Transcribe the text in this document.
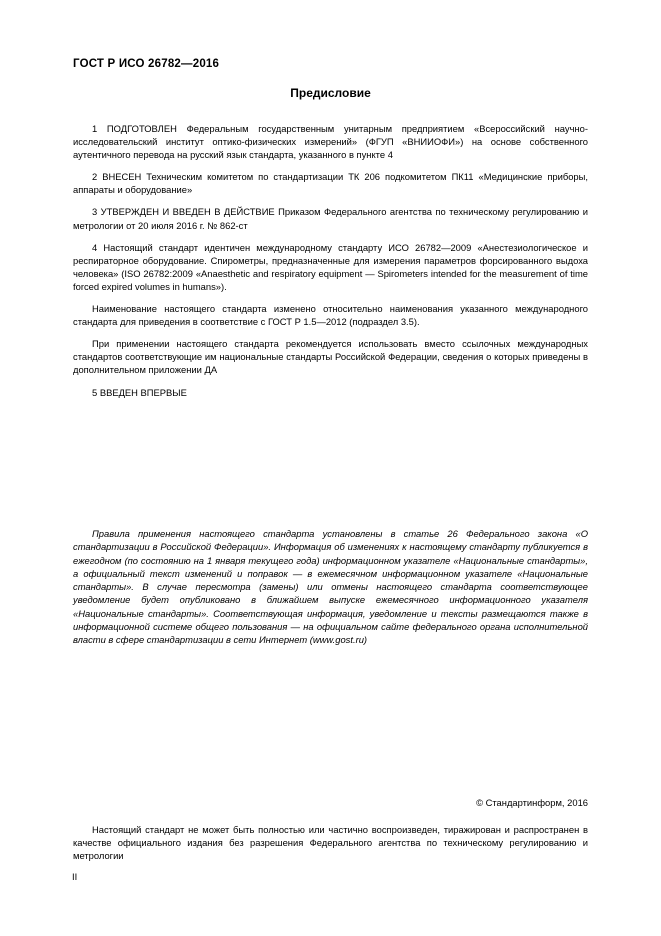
ГОСТ Р ИСО 26782—2016
Предисловие

1 ПОДГОТОВЛЕН Федеральным государственным унитарным предприятием «Всероссийский научно-исследовательский институт оптико-физических измерений» (ФГУП «ВНИИОФИ») на основе собственного аутентичного перевода на русский язык стандарта, указанного в пункте 4

2 ВНЕСЕН Техническим комитетом по стандартизации ТК 206 подкомитетом ПК11 «Медицинские приборы, аппараты и оборудование»

3 УТВЕРЖДЕН И ВВЕДЕН В ДЕЙСТВИЕ Приказом Федерального агентства по техническому регулированию и метрологии от 20 июля 2016 г. № 862-ст

4 Настоящий стандарт идентичен международному стандарту ИСО 26782—2009 «Анестезиологическое и респираторное оборудование. Спирометры, предназначенные для измерения параметров форсированного выдоха человека» (ISO 26782:2009 «Anaesthetic and respiratory equipment — Spirometers intended for the measurement of time forced expired volumes in humans»).

Наименование настоящего стандарта изменено относительно наименования указанного международного стандарта для приведения в соответствие с ГОСТ Р 1.5—2012 (подраздел 3.5).

При применении настоящего стандарта рекомендуется использовать вместо ссылочных международных стандартов соответствующие им национальные стандарты Российской Федерации, сведения о которых приведены в дополнительном приложении ДА

5 ВВЕДЕН ВПЕРВЫЕ

Правила применения настоящего стандарта установлены в статье 26 Федерального закона «О стандартизации в Российской Федерации». Информация об изменениях к настоящему стандарту публикуется в ежегодном (по состоянию на 1 января текущего года) информационном указателе «Национальные стандарты», а официальный текст изменений и поправок — в ежемесячном информационном указателе «Национальные стандарты». В случае пересмотра (замены) или отмены настоящего стандарта соответствующее уведомление будет опубликовано в ближайшем выпуске ежемесячного информационного указателя «Национальные стандарты». Соответствующая информация, уведомление и тексты размещаются также в информационной системе общего пользования — на официальном сайте федерального органа исполнительной власти в сфере стандартизации в сети Интернет (www.gost.ru)

© Стандартинформ, 2016

Настоящий стандарт не может быть полностью или частично воспроизведен, тиражирован и распространен в качестве официального издания без разрешения Федерального агентства по техническому регулированию и метрологии

II
